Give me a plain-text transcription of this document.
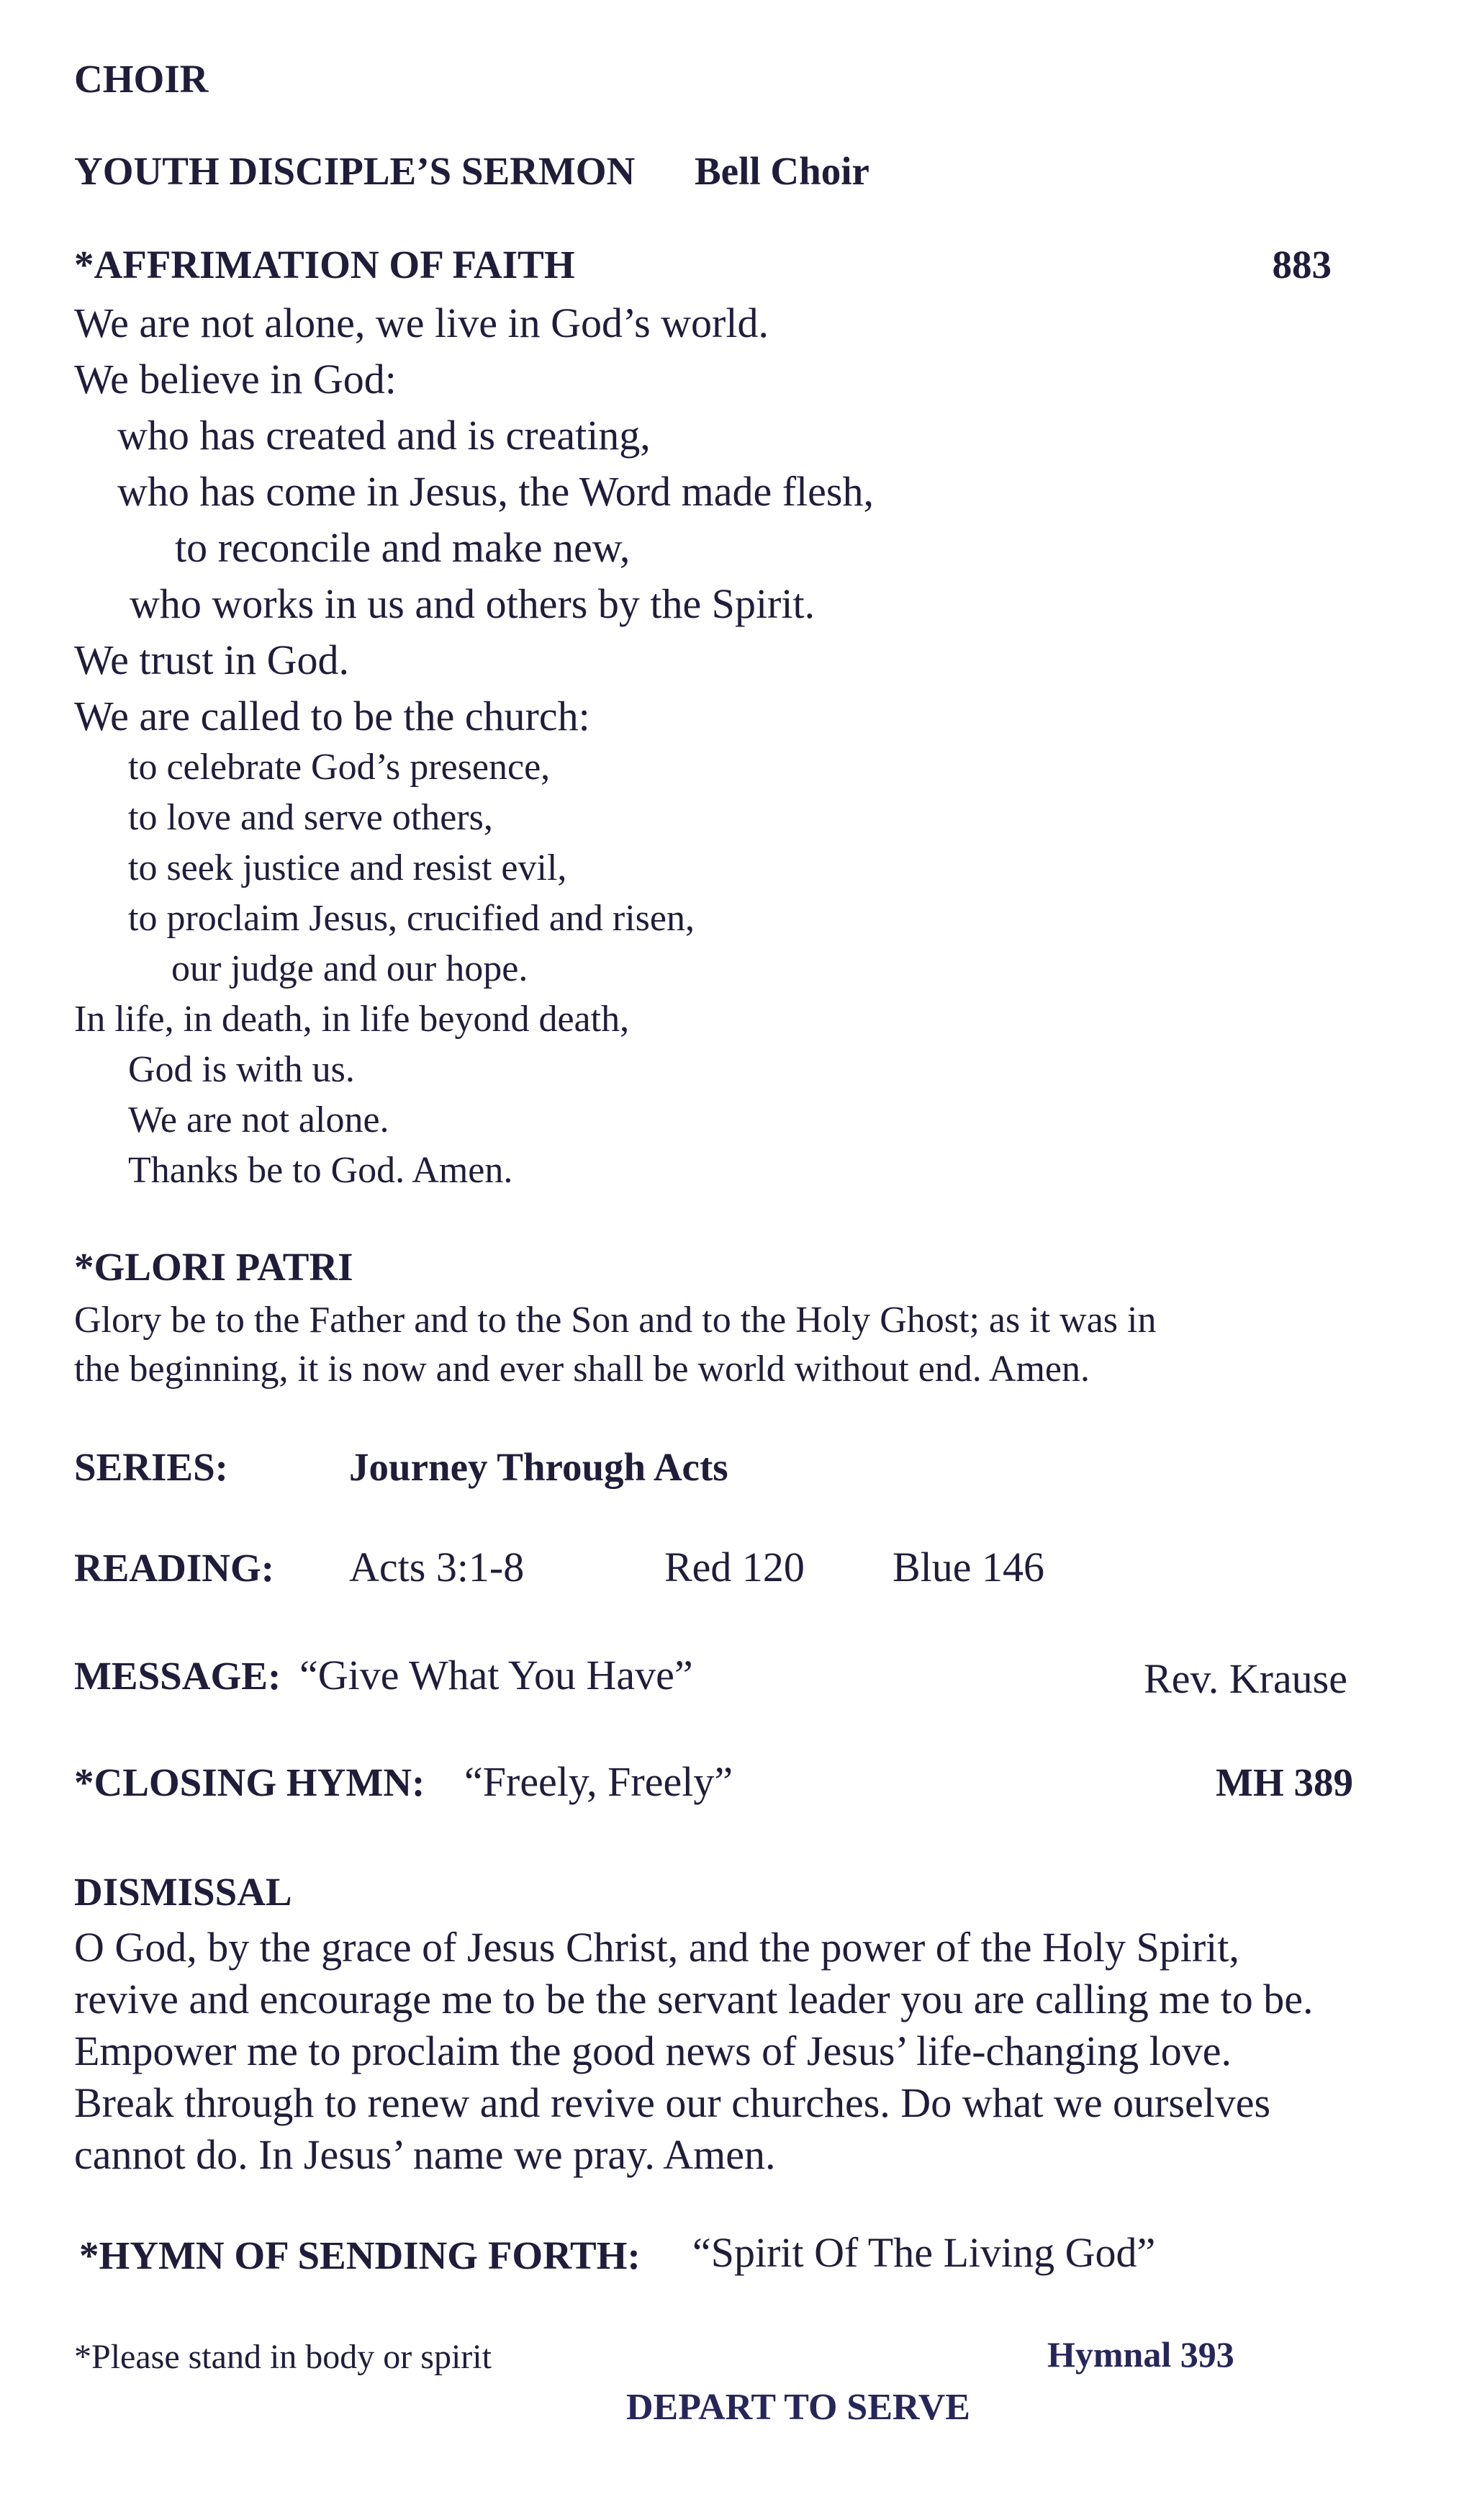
CHOIR
YOUTH DISCIPLE’S SERMON Bell Choir
*AFFRIMATION OF FAITH	883
We are not alone, we live in God’s world.
We believe in God:
who has created and is creating,
who has come in Jesus, the Word made flesh,
to reconcile and make new,
who works in us and others by the Spirit.
We trust in God.
We are called to be the church:
to celebrate God’s presence,
to love and serve others,
to seek justice and resist evil,
to proclaim Jesus, crucified and risen,
our judge and our hope.
In life, in death, in life beyond death,
God is with us.
We are not alone.
Thanks be to God. Amen.
*GLORI PATRI
Glory be to the Father and to the Son and to the Holy Ghost; as it was in
the beginning, it is now and ever shall be world without end. Amen.
SERIES:	Journey Through Acts
READING: Acts 3:1-8	Red 120 Blue 146
MESSAGE: “Give What You Have”	Rev. Krause
*CLOSING HYMN: “Freely, Freely”	MH 389
DISMISSAL
O God, by the grace of Jesus Christ, and the power of the Holy Spirit,
revive and encourage me to be the servant leader you are calling me to be.
Empower me to proclaim the good news of Jesus’ life-changing love.
Break through to renew and revive our churches. Do what we ourselves
cannot do. In Jesus’ name we pray. Amen.
*HYMN OF SENDING FORTH: “Spirit Of The Living God”
*Please stand in body or spirit	Hymnal 393
DEPART TO SERVE
